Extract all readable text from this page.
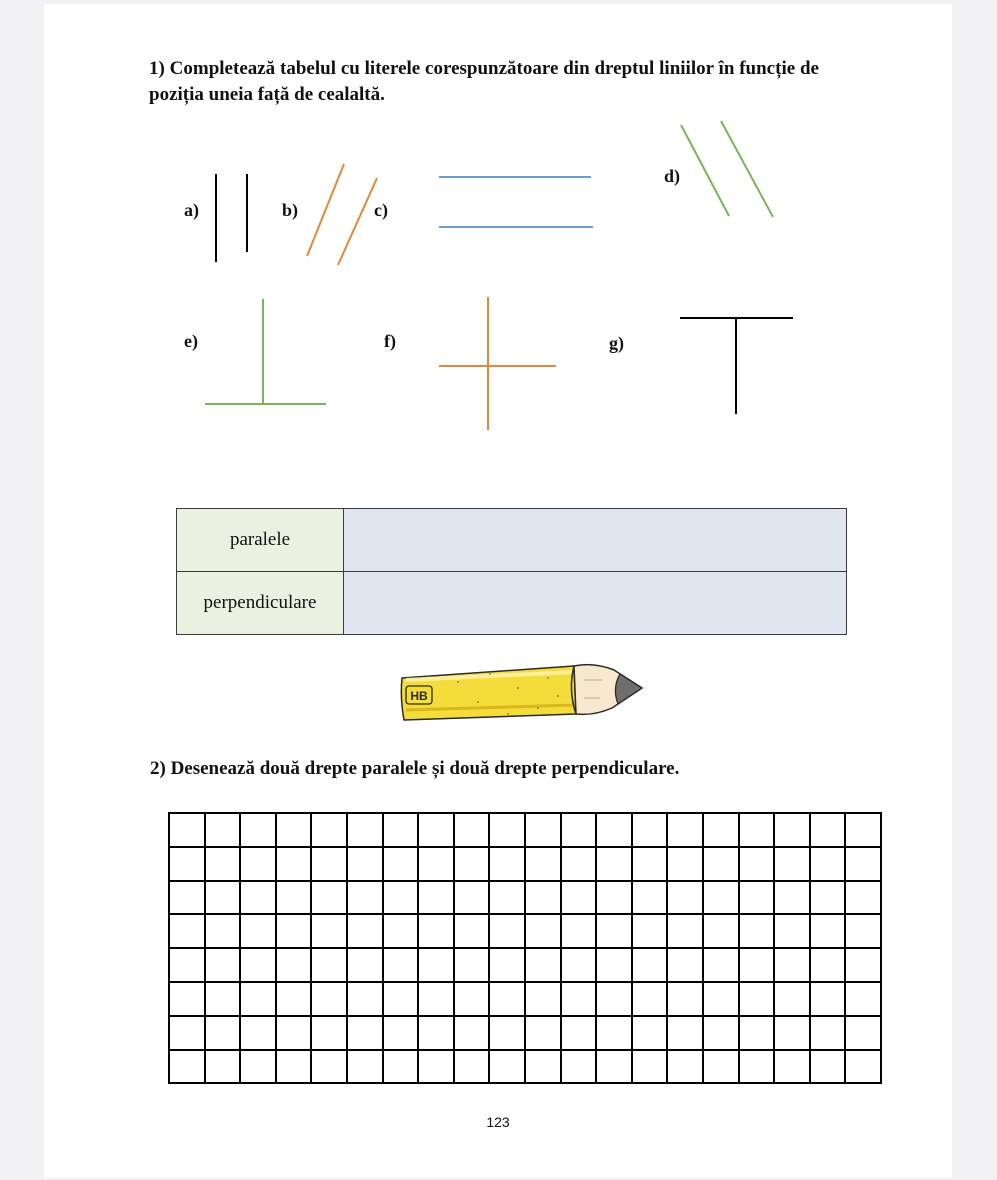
1) Completează tabelul cu literele corespunzătoare din dreptul liniilor în funcție de poziția uneia față de cealaltă.

a)	b)	c)
d)
e)	f)	g)
paralele	
perpendiculare	
HB

2) Desenează două drepte paralele și două drepte perpendiculare.

123
